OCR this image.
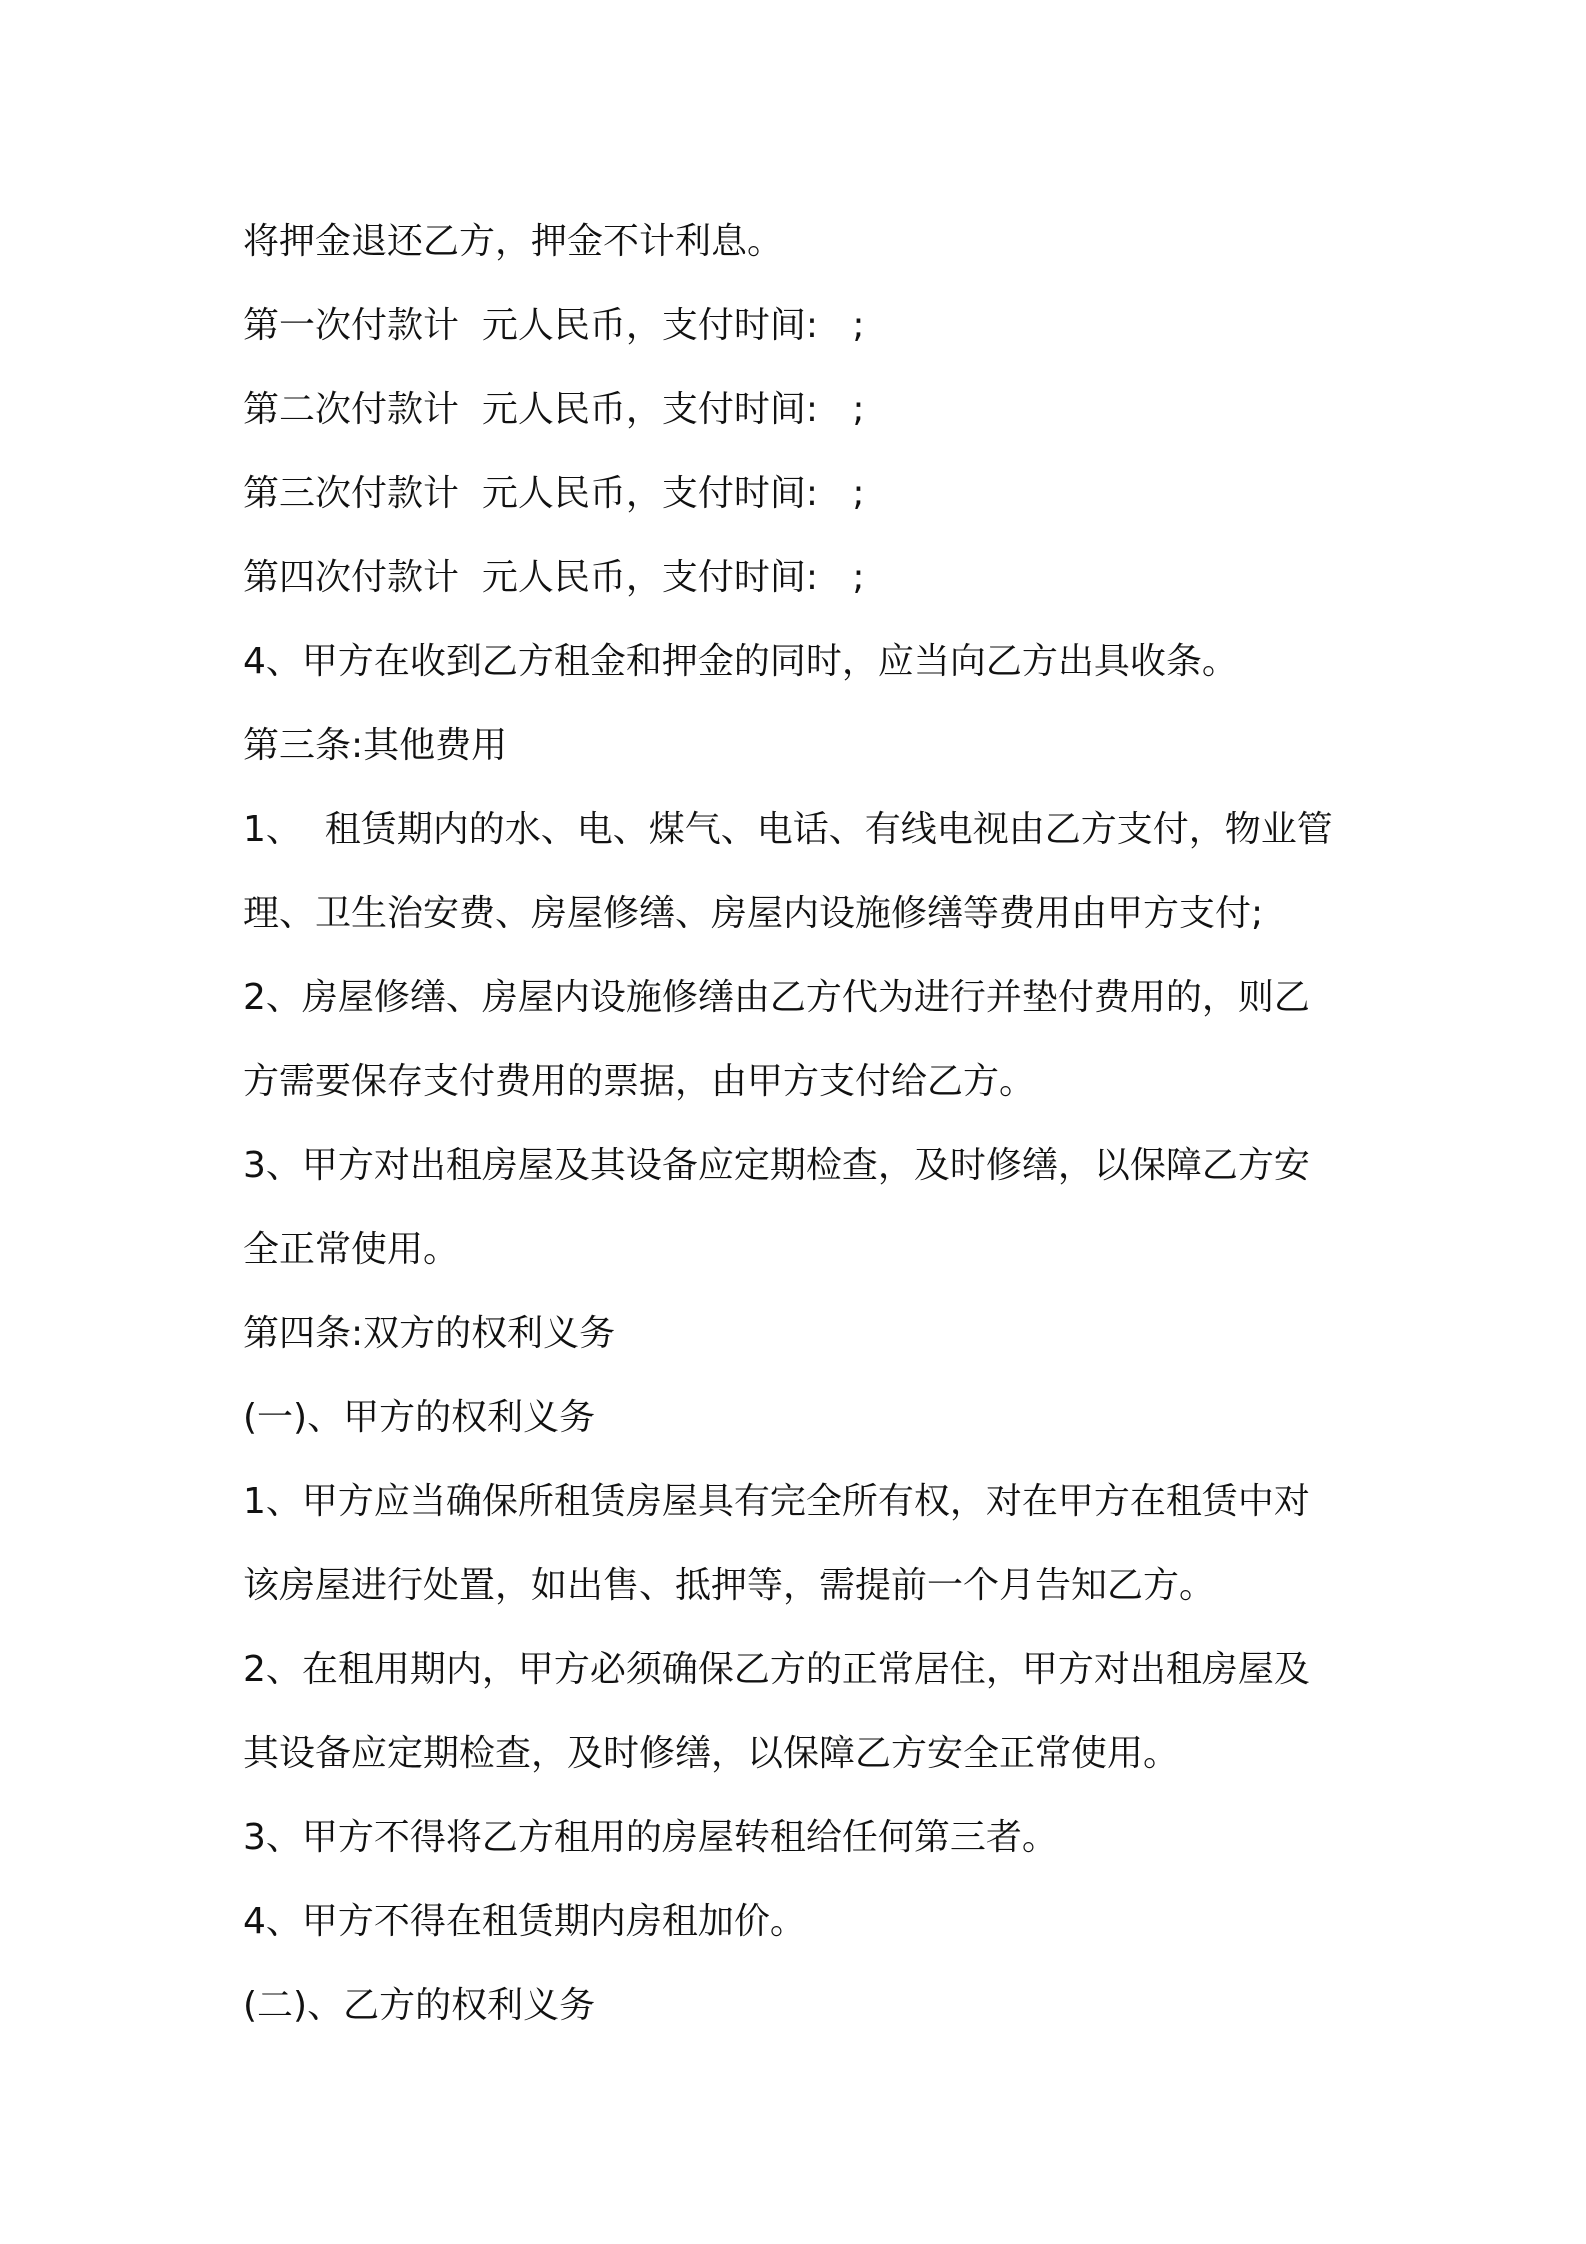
将押金退还乙方，押金不计利息。

第一次付款计  元人民币，支付时间:   ;

第二次付款计  元人民币，支付时间:   ;

第三次付款计  元人民币，支付时间:   ;

第四次付款计  元人民币，支付时间:   ;

4、甲方在收到乙方租金和押金的同时，应当向乙方出具收条。

第三条:其他费用

1、  租赁期内的水、电、煤气、电话、有线电视由乙方支付，物业管

理、卫生治安费、房屋修缮、房屋内设施修缮等费用由甲方支付;

2、房屋修缮、房屋内设施修缮由乙方代为进行并垫付费用的，则乙

方需要保存支付费用的票据，由甲方支付给乙方。

3、甲方对出租房屋及其设备应定期检查，及时修缮，以保障乙方安

全正常使用。

第四条:双方的权利义务

(一)、甲方的权利义务

1、甲方应当确保所租赁房屋具有完全所有权，对在甲方在租赁中对

该房屋进行处置，如出售、抵押等，需提前一个月告知乙方。

2、在租用期内，甲方必须确保乙方的正常居住，甲方对出租房屋及

其设备应定期检查，及时修缮，以保障乙方安全正常使用。

3、甲方不得将乙方租用的房屋转租给任何第三者。

4、甲方不得在租赁期内房租加价。

(二)、乙方的权利义务
